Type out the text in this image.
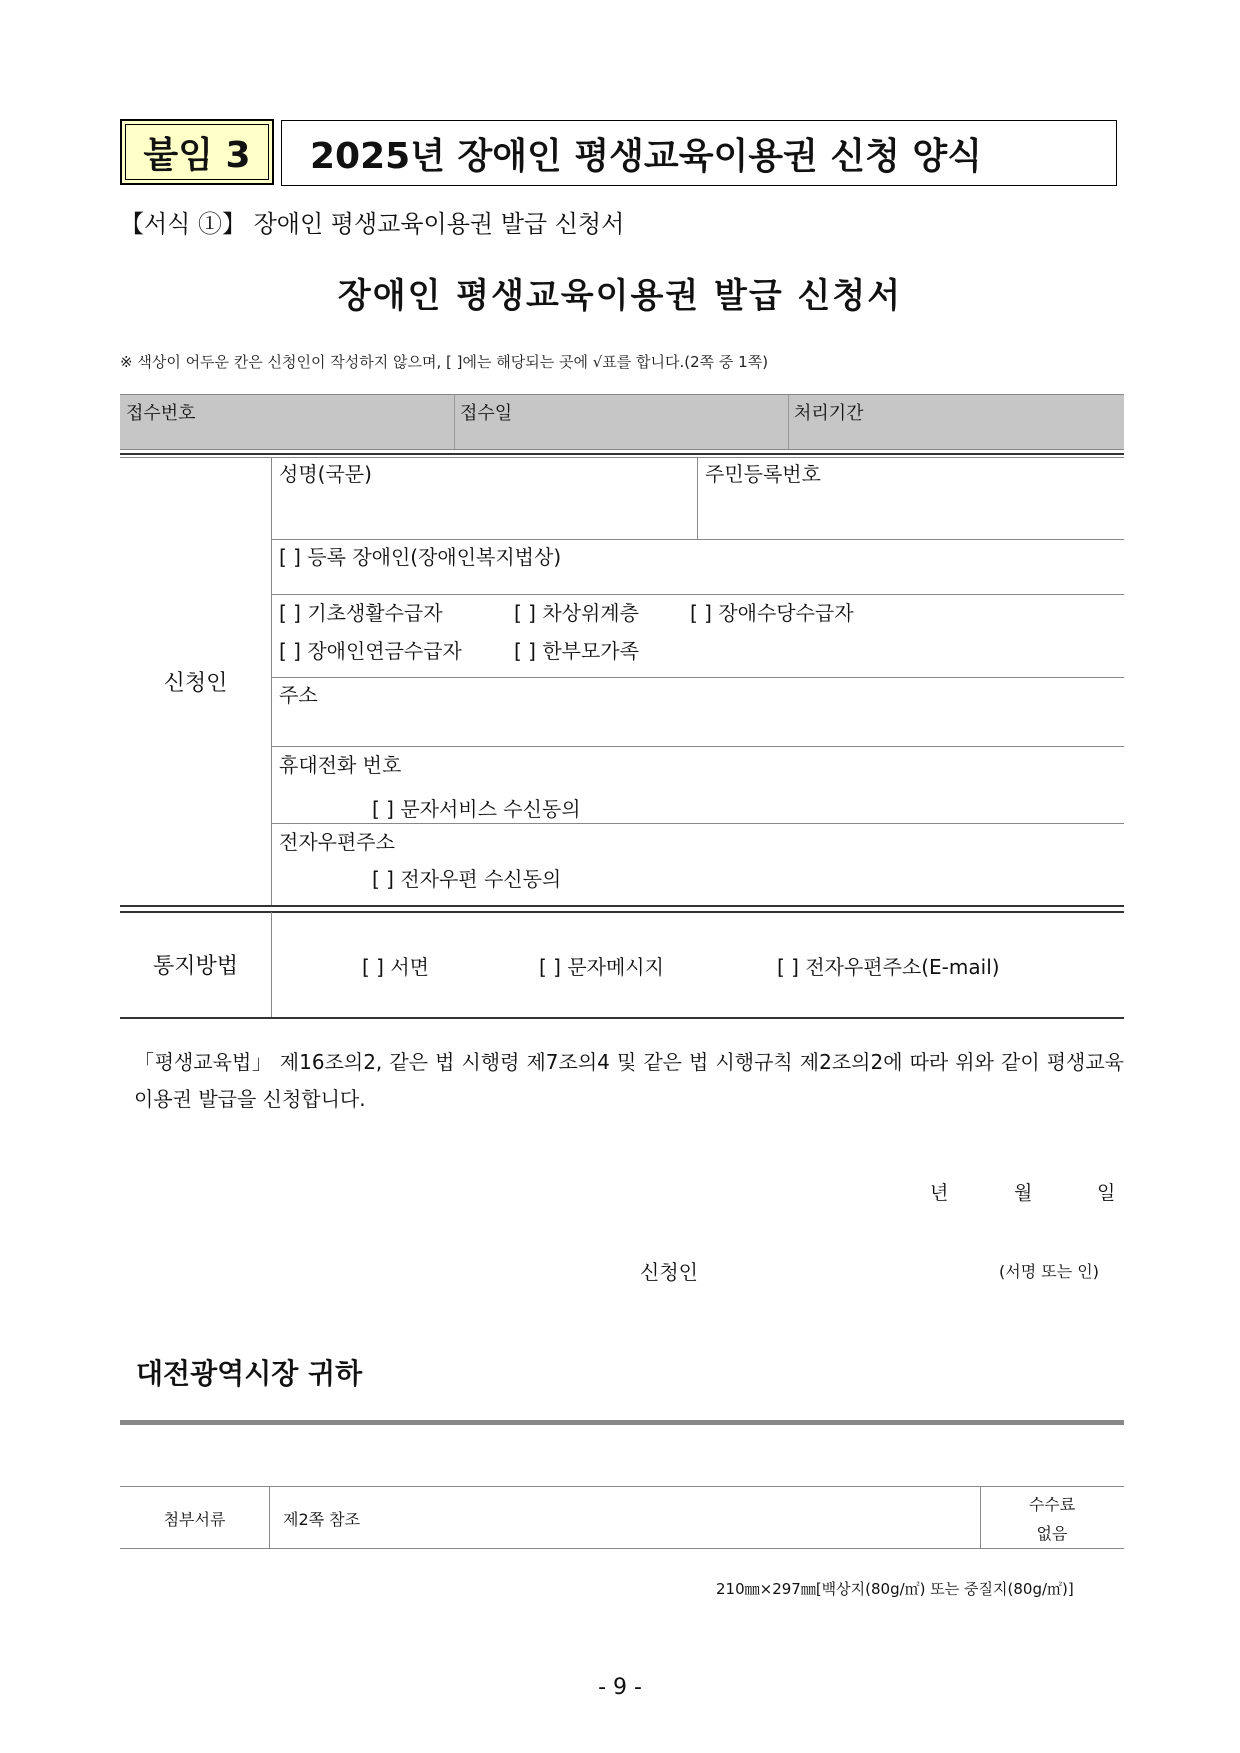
붙임 3 2025년 장애인 평생교육이용권 신청 양식
【서식 ①】 장애인 평생교육이용권 발급 신청서
장애인 평생교육이용권 발급 신청서
※ 색상이 어두운 칸은 신청인이 작성하지 않으며, [ ]에는 해당되는 곳에 √표를 합니다.(2쪽 중 1쪽)
접수번호	접수일	처리기간
신청인
성명(국문)	주민등록번호
[ ] 등록 장애인(장애인복지법상)
[ ] 기초생활수급자	[ ] 차상위계층	[ ] 장애수당수급자
[ ] 장애인연금수급자	[ ] 한부모가족
주소
휴대전화 번호
[ ] 문자서비스 수신동의
전자우편주소
[ ] 전자우편 수신동의
통지방법	[ ] 서면	[ ] 문자메시지	[ ] 전자우편주소(E-mail)
「평생교육법」 제16조의2, 같은 법 시행령 제7조의4 및 같은 법 시행규칙 제2조의2에 따라 위와 같이 평생교육이용권 발급을 신청합니다.
년	월	일
신청인	(서명 또는 인)
대전광역시장 귀하
첨부서류	제2쪽 참조
수수료
없음
210㎜×297㎜[백상지(80g/㎡) 또는 중질지(80g/㎡)]
- 9 -
